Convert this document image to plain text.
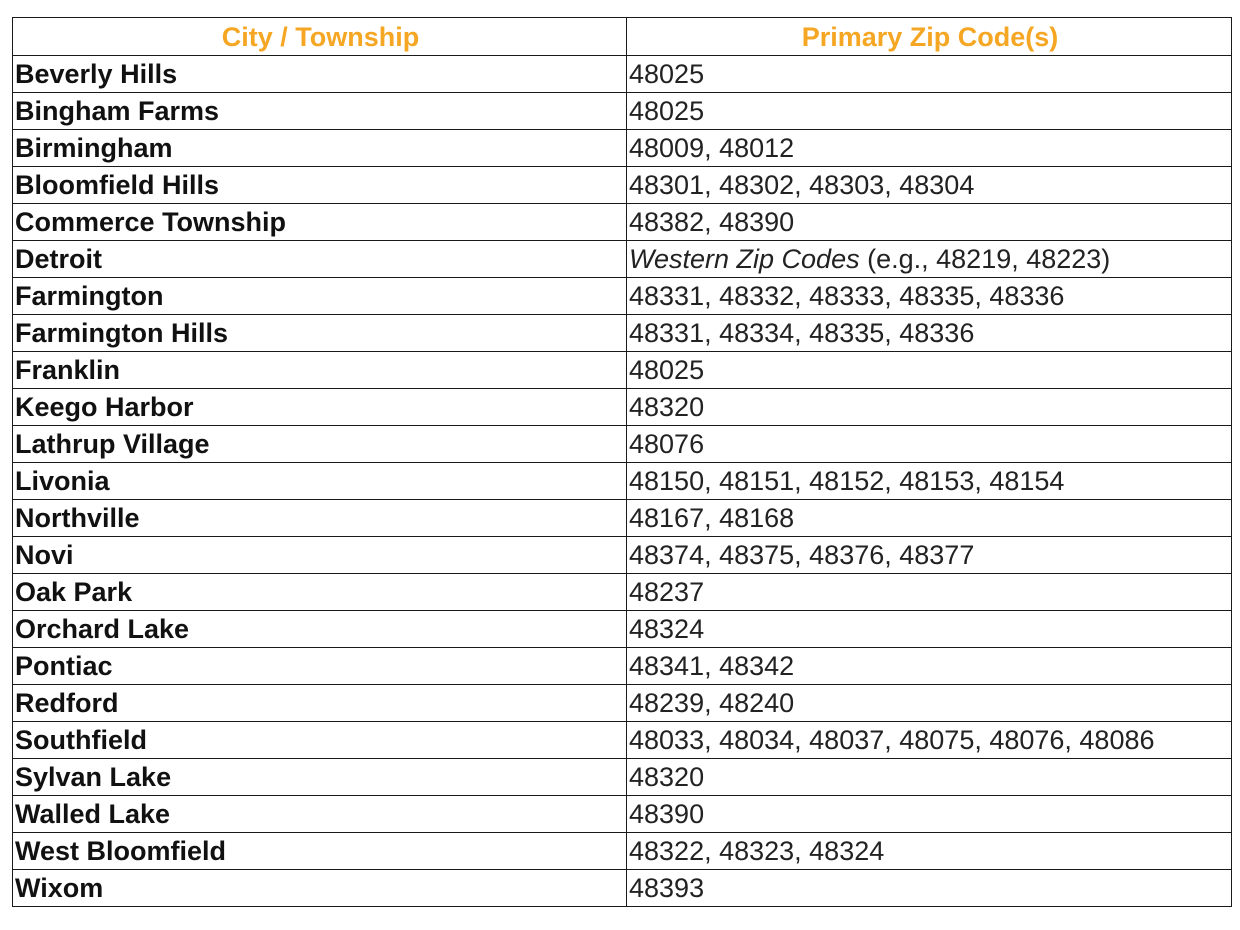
City / Township	Primary Zip Code(s)
Beverly Hills	48025
Bingham Farms	48025
Birmingham	48009, 48012
Bloomfield Hills	48301, 48302, 48303, 48304
Commerce Township	48382, 48390
Detroit	Western Zip Codes (e.g., 48219, 48223)
Farmington	48331, 48332, 48333, 48335, 48336
Farmington Hills	48331, 48334, 48335, 48336
Franklin	48025
Keego Harbor	48320
Lathrup Village	48076
Livonia	48150, 48151, 48152, 48153, 48154
Northville	48167, 48168
Novi	48374, 48375, 48376, 48377
Oak Park	48237
Orchard Lake	48324
Pontiac	48341, 48342
Redford	48239, 48240
Southfield	48033, 48034, 48037, 48075, 48076, 48086
Sylvan Lake	48320
Walled Lake	48390
West Bloomfield	48322, 48323, 48324
Wixom	48393
